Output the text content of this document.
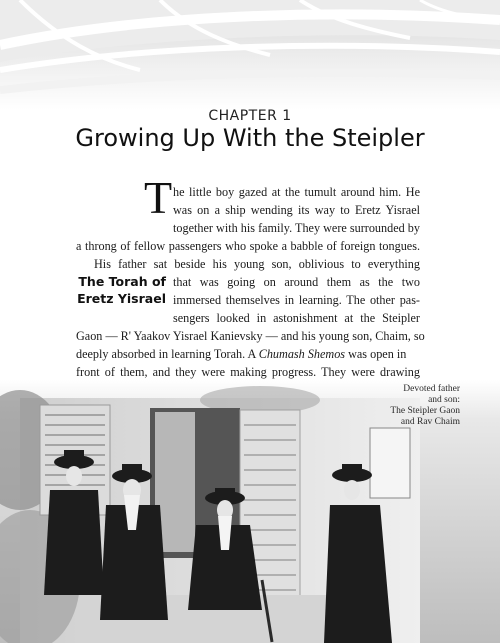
CHAPTER 1
Growing Up With the Steipler
T
The Torah of
Eretz Yisrael
he little boy gazed at the tumult around him. He
was on a ship wending its way to Eretz Yisrael
together with his family. They were surrounded by
a throng of fellow passengers who spoke a babble of foreign tongues.
His father sat beside his young son, oblivious to everything
that was going on around them as the two
immersed themselves in learning. The other pas-
sengers looked in astonishment at the Steipler
Gaon — R' Yaakov Yisrael Kanievsky — and his young son, Chaim, so
deeply absorbed in learning Torah. A Chumash Shemos was open in
front of them, and they were making progress. They were drawing
Devoted father
and son:
The Steipler Gaon
and Rav Chaim
